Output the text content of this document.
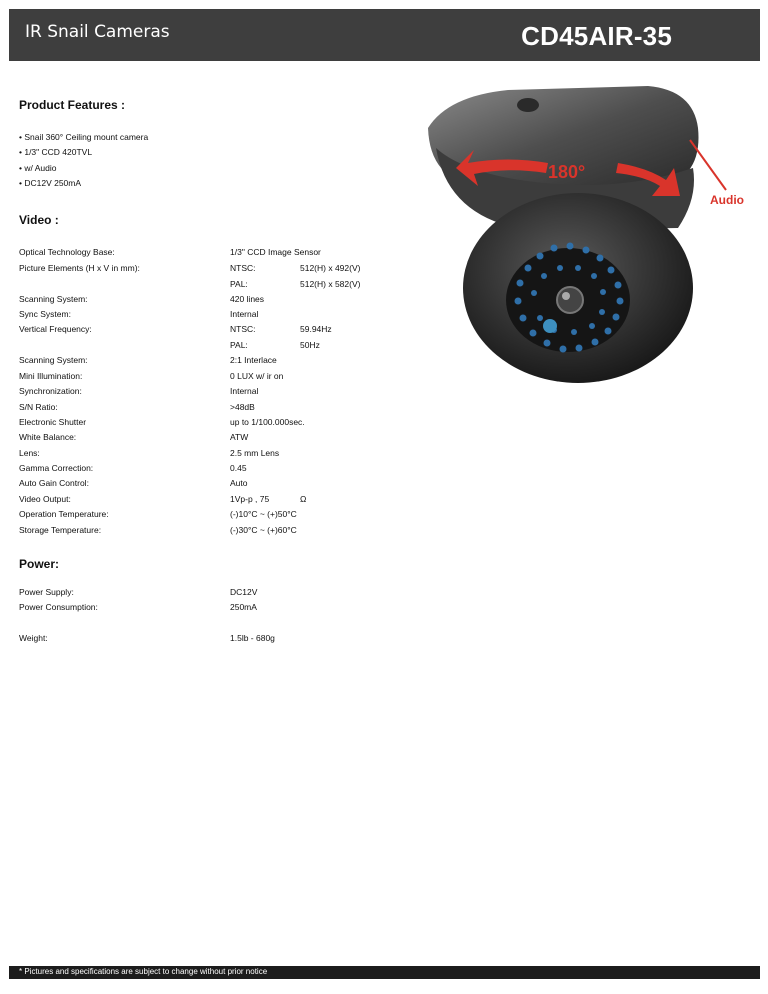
IR Snail Cameras	CD45AIR-35
Product Features :
• Snail 360° Ceiling mount camera
• 1/3" CCD 420TVL
• w/ Audio
• DC12V 250mA
Video :
Optical Technology Base:	1/3" CCD Image Sensor
Picture Elements (H x V in mm):	NTSC:	512(H) x 492(V)
PAL:	512(H) x 582(V)
Scanning System:	420 lines
Sync System:	Internal
Vertical Frequency:	NTSC:	59.94Hz
PAL:	50Hz
Scanning System:	2:1 Interlace
Mini Illumination:	0 LUX w/ ir on
Synchronization:	Internal
S/N Ratio:	>48dB
Electronic Shutter	up to 1/100.000sec.
White Balance:	ATW
Lens:	2.5 mm Lens
Gamma Correction:	0.45
Auto Gain Control:	Auto
Video Output:	1Vp-p , 75	Ω
Operation Temperature:	(-)10°C ~ (+)50°C
Storage Temperature:	(-)30°C ~ (+)60°C
Power:
Power Supply:	DC12V
Power Consumption:	250mA
Weight:	1.5lb - 680g
180°
Audio
* Pictures and specifications are subject to change without prior notice
